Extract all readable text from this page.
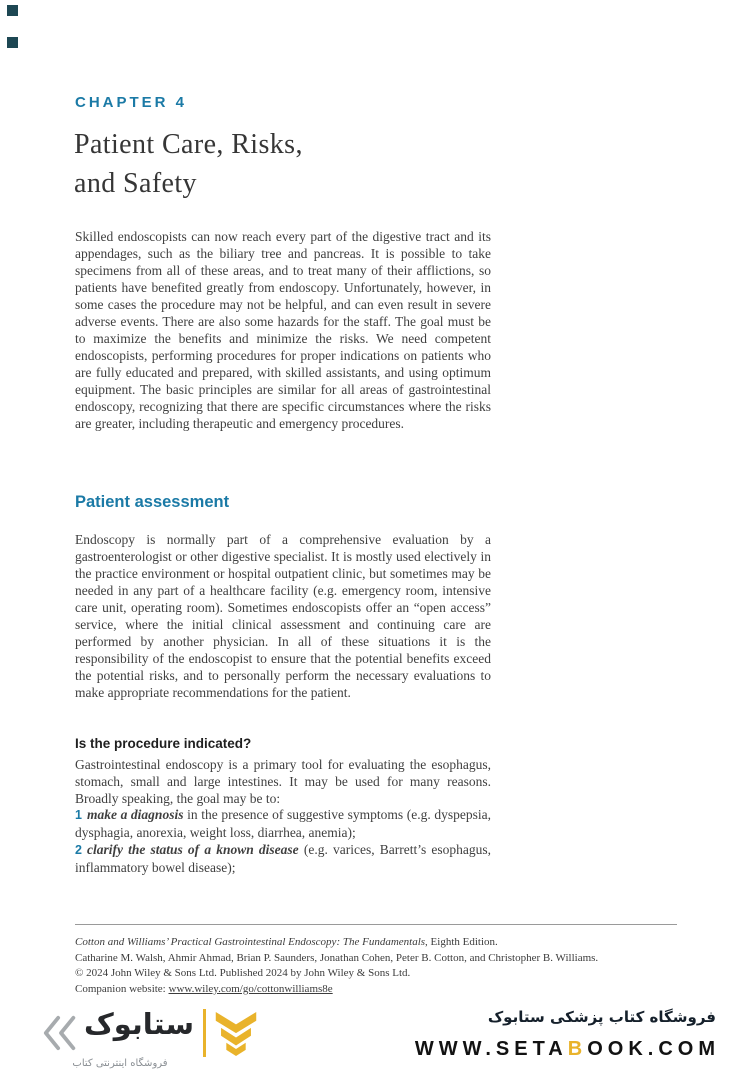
CHAPTER 4
Patient Care, Risks,
and Safety

Skilled endoscopists can now reach every part of the digestive tract and its appendages, such as the biliary tree and pancreas. It is possible to take specimens from all of these areas, and to treat many of their afflictions, so patients have benefited greatly from endoscopy. Unfortunately, however, in some cases the procedure may not be helpful, and can even result in severe adverse events. There are also some hazards for the staff. The goal must be to maximize the benefits and minimize the risks. We need competent endoscopists, performing procedures for proper indications on patients who are fully educated and prepared, with skilled assistants, and using optimum equipment. The basic principles are similar for all areas of gastrointestinal endoscopy, recognizing that there are specific circumstances where the risks are greater, including therapeutic and emergency procedures.

Patient assessment

Endoscopy is normally part of a comprehensive evaluation by a gastroenterologist or other digestive specialist. It is mostly used electively in the practice environment or hospital outpatient clinic, but sometimes may be needed in any part of a healthcare facility (e.g. emergency room, intensive care unit, operating room). Sometimes endoscopists offer an “open access” service, where the initial clinical assessment and continuing care are performed by another physician. In all of these situations it is the responsibility of the endoscopist to ensure that the potential benefits exceed the potential risks, and to personally perform the necessary evaluations to make appropriate recommendations for the patient.

Is the procedure indicated?

Gastrointestinal endoscopy is a primary tool for evaluating the esophagus, stomach, small and large intestines. It may be used for many reasons. Broadly speaking, the goal may be to:

1 make a diagnosis in the presence of suggestive symptoms (e.g. dyspepsia, dysphagia, anorexia, weight loss, diarrhea, anemia);
2 clarify the status of a known disease (e.g. varices, Barrett’s esophagus, inflammatory bowel disease);
Cotton and Williams’ Practical Gastrointestinal Endoscopy: The Fundamentals, Eighth Edition.
Catharine M. Walsh, Ahmir Ahmad, Brian P. Saunders, Jonathan Cohen, Peter B. Cotton, and Christopher B. Williams.
© 2024 John Wiley & Sons Ltd. Published 2024 by John Wiley & Sons Ltd.
Companion website: www.wiley.com/go/cottonwilliams8e
ستابوک
فروشگاه اینترنتی کتاب
فروشگاه کتاب پزشکی ستابوک
WWW.SETABOOK.COM
